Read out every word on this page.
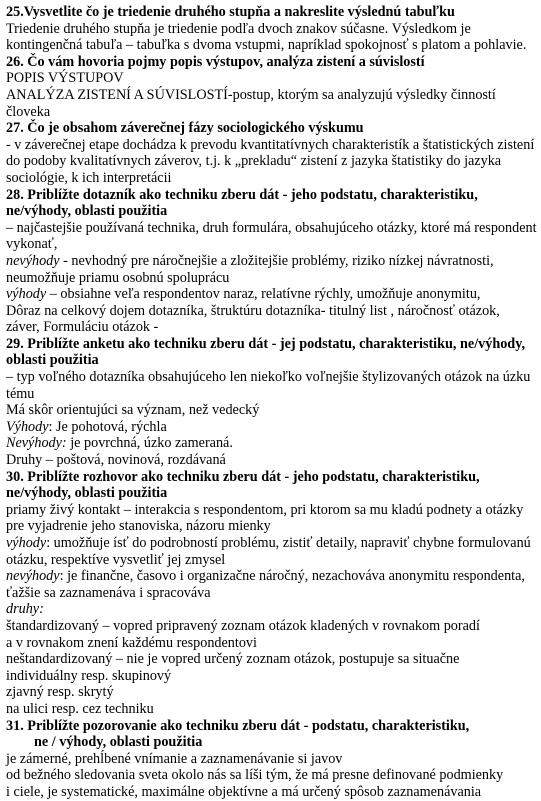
25.Vysvetlite čo je triedenie druhého stupňa a nakreslite výslednú tabuľku
Triedenie druhého stupňa je triedenie podľa dvoch znakov súčasne. Výsledkom je
kontingenčná tabuľa – tabuľka s dvoma vstupmi, napríklad spokojnosť s platom a pohlavie.
26. Čo vám hovoria pojmy popis výstupov, analýza zistení a súvislostí
POPIS VÝSTUPOV
ANALÝZA ZISTENÍ A SÚVISLOSTÍ-postup, ktorým sa analyzujú výsledky činností
človeka
27. Čo je obsahom záverečnej fázy sociologického výskumu
- v záverečnej etape dochádza k prevodu kvantitatívnych charakteristík a štatistických zistení
do podoby kvalitatívnych záverov, t.j. k „prekladu“ zistení z jazyka štatistiky do jazyka
sociológie, k ich interpretácii
28. Priblížte dotazník ako techniku zberu dát - jeho podstatu, charakteristiku,
ne/výhody, oblasti použitia
– najčastejšie používaná technika, druh formulára, obsahujúceho otázky, ktoré má respondent
vykonať,
nevýhody - nevhodný pre náročnejšie a zložitejšie problémy, riziko nízkej návratnosti,
neumožňuje priamu osobnú spoluprácu
výhody – obsiahne veľa respondentov naraz, relatívne rýchly, umožňuje anonymitu,
Dôraz na celkový dojem dotazníka, štruktúru dotazníka- titulný list , náročnosť otázok,
záver, Formuláciu otázok -
29. Priblížte anketu ako techniku zberu dát - jej podstatu, charakteristiku, ne/výhody,
oblasti použitia
– typ voľného dotazníka obsahujúceho len niekoľko voľnejšie štylizovaných otázok na úzku
tému
Má skôr orientujúci sa význam, než vedecký
Výhody: Je pohotová, rýchla
Nevýhody: je povrchná, úzko zameraná.
Druhy – poštová, novinová, rozdávaná
30. Priblížte rozhovor ako techniku zberu dát - jeho podstatu, charakteristiku,
ne/výhody, oblasti použitia
priamy živý kontakt – interakcia s respondentom, pri ktorom sa mu kladú podnety a otázky
pre vyjadrenie jeho stanoviska, názoru mienky
výhody: umožňuje ísť do podrobností problému, zistiť detaily, napraviť chybne formulovanú
otázku, respektíve vysvetliť jej zmysel
nevýhody: je finančne, časovo i organizačne náročný, nezachováva anonymitu respondenta,
ťažšie sa zaznamenáva i spracováva
druhy:
štandardizovaný – vopred pripravený zoznam otázok kladených v rovnakom poradí
a v rovnakom znení každému respondentovi
neštandardizovaný – nie je vopred určený zoznam otázok, postupuje sa situačne
individuálny resp. skupinový
zjavný resp. skrytý
na ulici resp. cez techniku
31. Priblížte pozorovanie ako techniku zberu dát - podstatu, charakteristiku,
ne / výhody, oblasti použitia
je zámerné, prehĺbené vnímanie a zaznamenávanie si javov
od bežného sledovania sveta okolo nás sa líši tým, že má presne definované podmienky
i ciele, je systematické, maximálne objektívne a má určený spôsob zaznamenávania
